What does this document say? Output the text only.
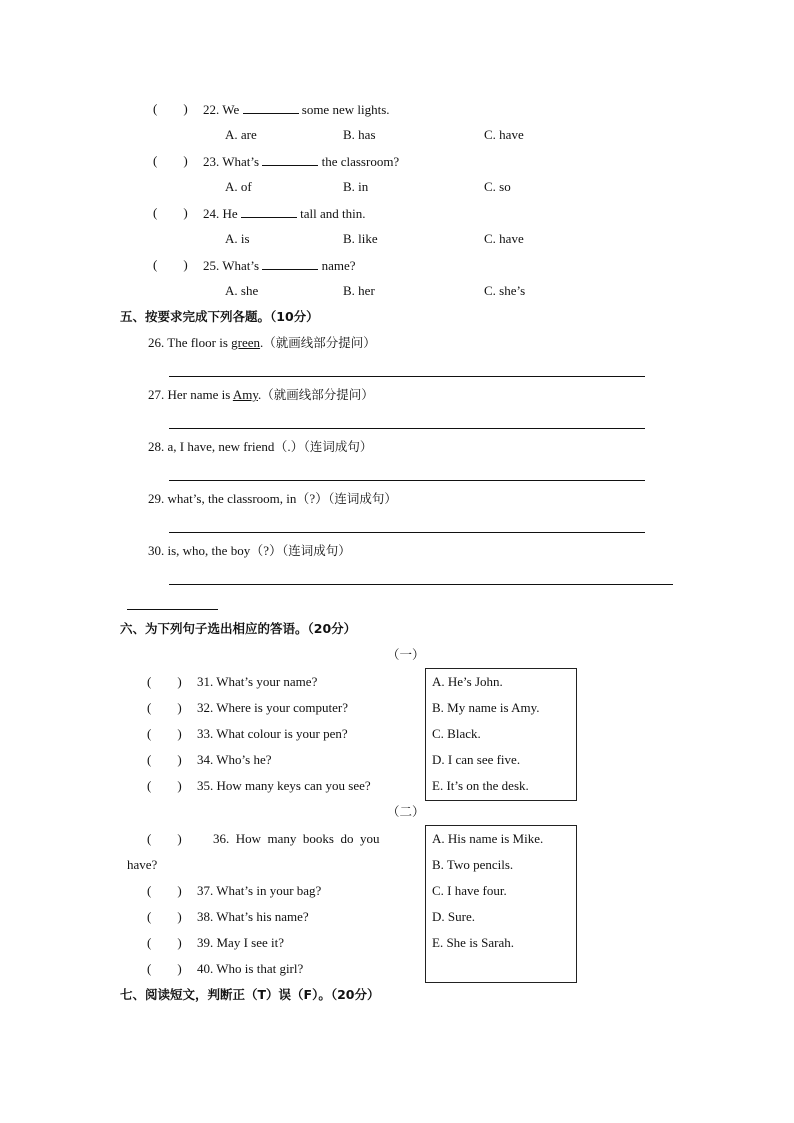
(        ) 22. We	some new lights.
A. are	B. has	C. have
(        ) 23. What’s	the classroom?
A. of	B. in	C. so
(        ) 24. He	tall and thin.
A. is	B. like	C. have
(        ) 25. What’s	name?
A. she	B. her	C. she’s
五、按要求完成下列各题。（10分）
26. The floor is green.（就画线部分提问）
27. Her name is Amy.（就画线部分提问）
28. a, I have, new friend（.）（连词成句）
29. what’s, the classroom, in（?）（连词成句）
30. is, who, the boy（?）（连词成句）
六、为下列句子选出相应的答语。（20分）
（一）
(        ) 31. What’s your name?
(        ) 32. Where is your computer?
(        ) 33. What colour is your pen?
(        ) 34. Who’s he?
(        ) 35. How many keys can you see?
A. He’s John.
B. My name is Amy.
C. Black.
D. I can see five.
E. It’s on the desk.
（二）
(        ) 36.  How  many  books  do  you
have?
(        ) 37. What’s in your bag?
(        ) 38. What’s his name?
(        ) 39. May I see it?
(        ) 40. Who is that girl?
A. His name is Mike.
B. Two pencils.
C. I have four.
D. Sure.
E. She is Sarah.
七、阅读短文，判断正（T）误（F）。（20分）
